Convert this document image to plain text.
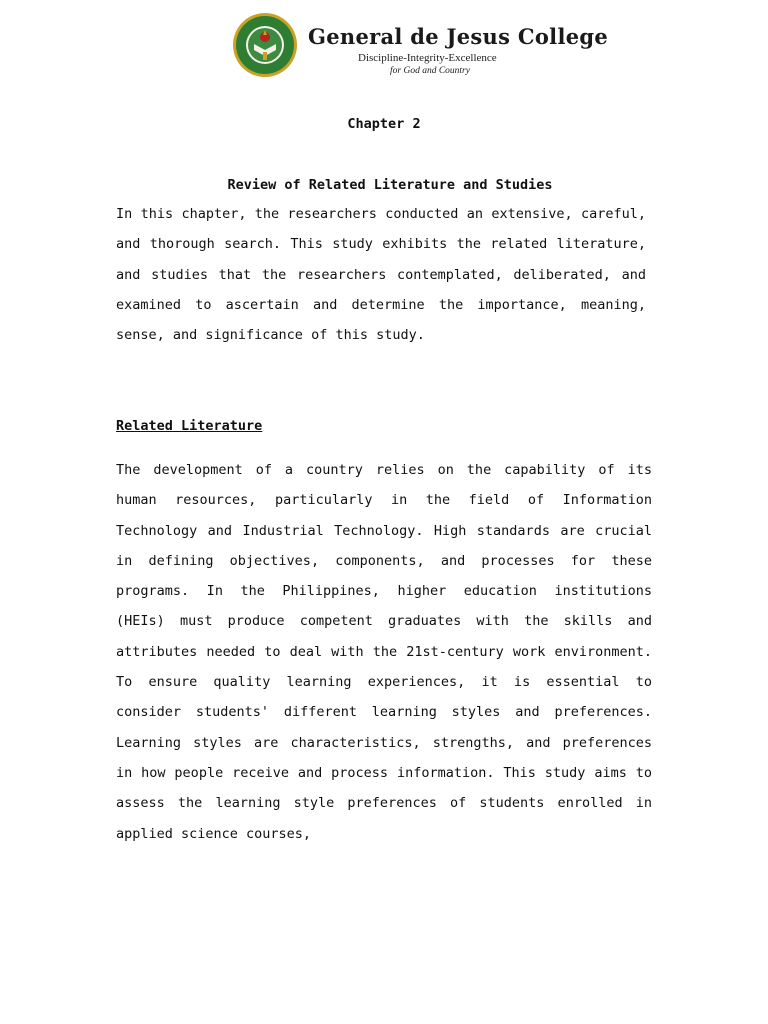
General de Jesus College
Discipline-Integrity-Excellence
for God and Country
Chapter 2
Review of Related Literature and Studies

In this chapter, the researchers conducted an extensive, careful, and thorough search. This study exhibits the related literature, and studies that the researchers contemplated, deliberated, and examined to ascertain and determine the importance, meaning, sense, and significance of this study.

Related Literature

The development of a country relies on the capability of its human resources, particularly in the field of Information Technology and Industrial Technology. High standards are crucial in defining objectives, components, and processes for these programs. In the Philippines, higher education institutions (HEIs) must produce competent graduates with the skills and attributes needed to deal with the 21st-century work environment. To ensure quality learning experiences, it is essential to consider students' different learning styles and preferences. Learning styles are characteristics, strengths, and preferences in how people receive and process information. This study aims to assess the learning style preferences of students enrolled in applied science courses,
